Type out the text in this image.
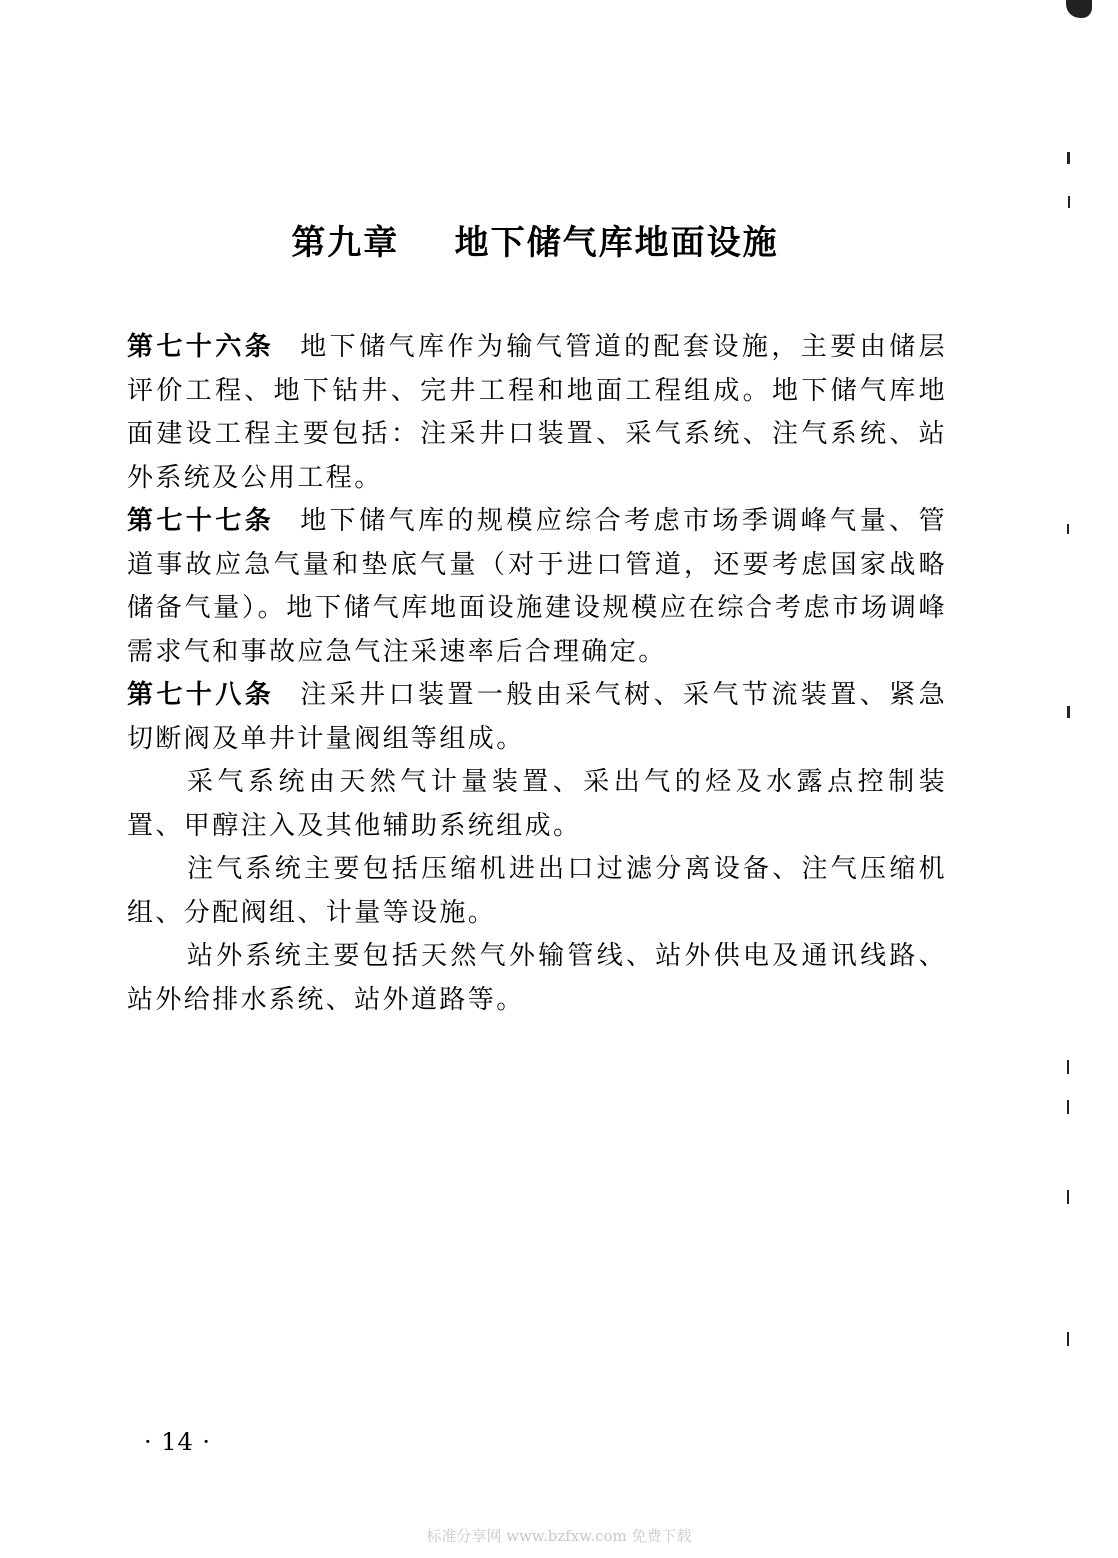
第九章 地下储气库地面设施

第七十六条 地下储气库作为输气管道的配套设施，主要由储层评价工程、地下钻井、完井工程和地面工程组成。地下储气库地面建设工程主要包括：注采井口装置、采气系统、注气系统、站外系统及公用工程。

第七十七条 地下储气库的规模应综合考虑市场季调峰气量、管道事故应急气量和垫底气量（对于进口管道，还要考虑国家战略储备气量）。地下储气库地面设施建设规模应在综合考虑市场调峰需求气和事故应急气注采速率后合理确定。

第七十八条 注采井口装置一般由采气树、采气节流装置、紧急切断阀及单井计量阀组等组成。

采气系统由天然气计量装置、采出气的烃及水露点控制装置、甲醇注入及其他辅助系统组成。

注气系统主要包括压缩机进出口过滤分离设备、注气压缩机组、分配阀组、计量等设施。

站外系统主要包括天然气外输管线、站外供电及通讯线路、站外给排水系统、站外道路等。

· 14 ·
标准分享网 www.bzfxw.com 免费下载
